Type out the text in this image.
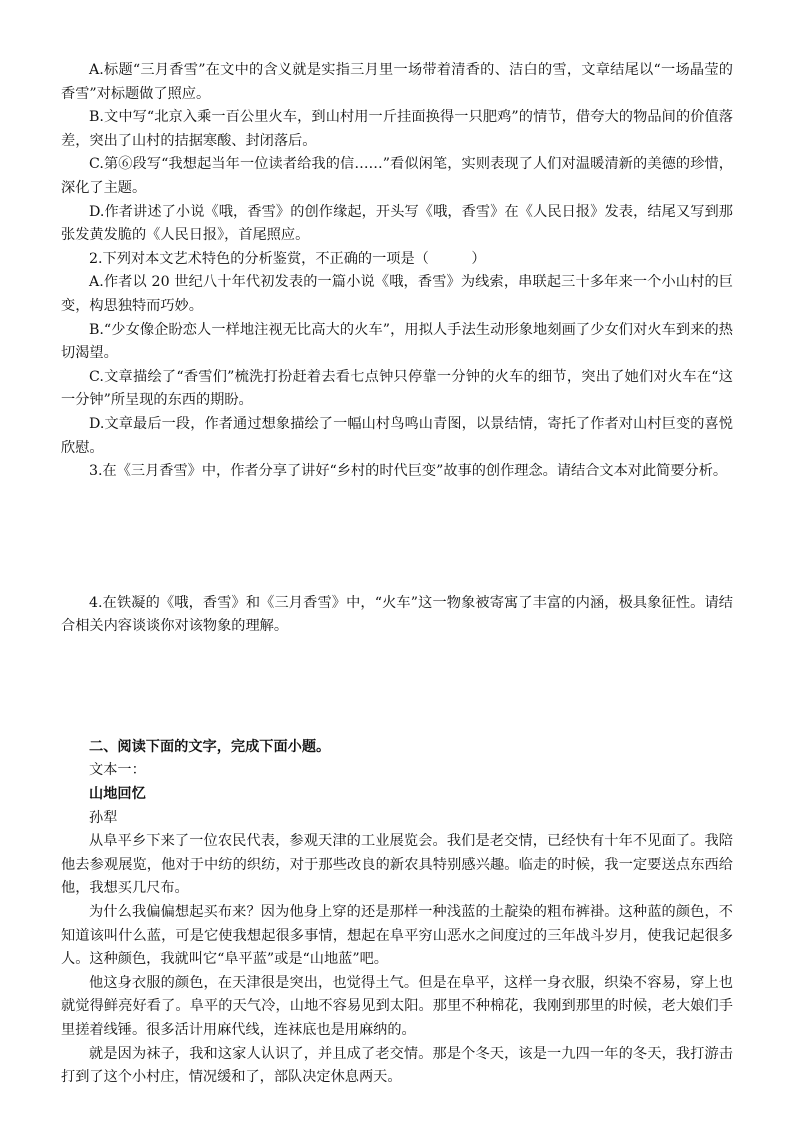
A.标题“三月香雪”在文中的含义就是实指三月里一场带着清香的、洁白的雪，文章结尾以“一场晶莹的香雪”对标题做了照应。

B.文中写“北京入乘一百公里火车，到山村用一斤挂面换得一只肥鸡”的情节，借夸大的物品间的价值落差，突出了山村的拮据寒酸、封闭落后。

C.第⑥段写“我想起当年一位读者给我的信……”看似闲笔，实则表现了人们对温暖清新的美德的珍惜，深化了主题。

D.作者讲述了小说《哦，香雪》的创作缘起，开头写《哦，香雪》在《人民日报》发表，结尾又写到那张发黄发脆的《人民日报》，首尾照应。

2.下列对本文艺术特色的分析鉴赏，不正确的一项是（　　　）

A.作者以 20 世纪八十年代初发表的一篇小说《哦，香雪》为线索，串联起三十多年来一个小山村的巨变，构思独特而巧妙。

B.“少女像企盼恋人一样地注视无比高大的火车”，用拟人手法生动形象地刻画了少女们对火车到来的热切渴望。

C.文章描绘了“香雪们”梳洗打扮赶着去看七点钟只停靠一分钟的火车的细节，突出了她们对火车在“这一分钟”所呈现的东西的期盼。

D.文章最后一段，作者通过想象描绘了一幅山村鸟鸣山青图，以景结情，寄托了作者对山村巨变的喜悦欣慰。

3.在《三月香雪》中，作者分享了讲好“乡村的时代巨变”故事的创作理念。请结合文本对此简要分析。

4.在铁凝的《哦，香雪》和《三月香雪》中，“火车”这一物象被寄寓了丰富的内涵，极具象征性。请结合相关内容谈谈你对该物象的理解。

二、阅读下面的文字，完成下面小题。

文本一：

山地回忆

孙犁

从阜平乡下来了一位农民代表，参观天津的工业展览会。我们是老交情，已经快有十年不见面了。我陪他去参观展览，他对于中纺的织纺，对于那些改良的新农具特别感兴趣。临走的时候，我一定要送点东西给他，我想买几尺布。

为什么我偏偏想起买布来？因为他身上穿的还是那样一种浅蓝的土靛染的粗布裤褂。这种蓝的颜色，不知道该叫什么蓝，可是它使我想起很多事情，想起在阜平穷山恶水之间度过的三年战斗岁月，使我记起很多人。这种颜色，我就叫它“阜平蓝”或是“山地蓝”吧。

他这身衣服的颜色，在天津很是突出，也觉得土气。但是在阜平，这样一身衣服，织染不容易，穿上也就觉得鲜亮好看了。阜平的天气冷，山地不容易见到太阳。那里不种棉花，我刚到那里的时候，老大娘们手里搓着线锤。很多活计用麻代线，连袜底也是用麻纳的。

就是因为袜子，我和这家人认识了，并且成了老交情。那是个冬天，该是一九四一年的冬天，我打游击打到了这个小村庄，情况缓和了，部队决定休息两天。
